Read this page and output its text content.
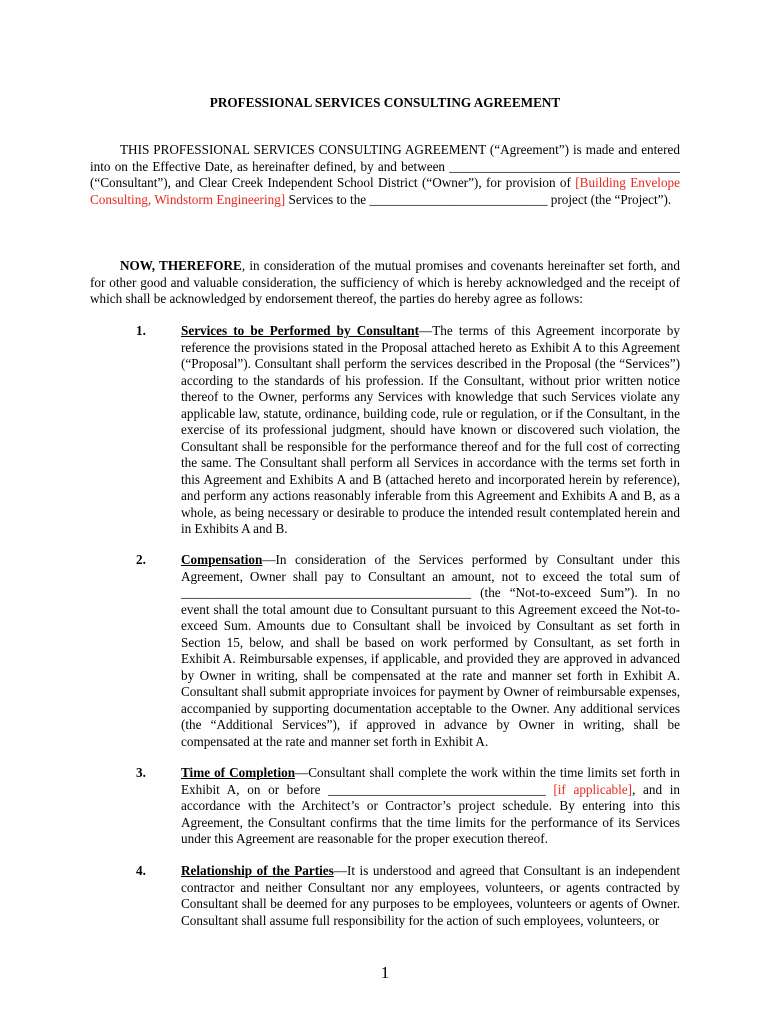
PROFESSIONAL SERVICES CONSULTING AGREEMENT
THIS PROFESSIONAL SERVICES CONSULTING AGREEMENT (“Agreement”) is made and entered into on the Effective Date, as hereinafter defined, by and between ___________________________________ (“Consultant”), and Clear Creek Independent School District (“Owner”), for provision of [Building Envelope Consulting, Windstorm Engineering] Services to the ___________________________ project (the “Project”).
NOW, THEREFORE, in consideration of the mutual promises and covenants hereinafter set forth, and for other good and valuable consideration, the sufficiency of which is hereby acknowledged and the receipt of which shall be acknowledged by endorsement thereof, the parties do hereby agree as follows:
1.	Services to be Performed by Consultant—The terms of this Agreement incorporate by reference the provisions stated in the Proposal attached hereto as Exhibit A to this Agreement (“Proposal”). Consultant shall perform the services described in the Proposal (the “Services”) according to the standards of his profession. If the Consultant, without prior written notice thereof to the Owner, performs any Services with knowledge that such Services violate any applicable law, statute, ordinance, building code, rule or regulation, or if the Consultant, in the exercise of its professional judgment, should have known or discovered such violation, the Consultant shall be responsible for the performance thereof and for the full cost of correcting the same. The Consultant shall perform all Services in accordance with the terms set forth in this Agreement and Exhibits A and B (attached hereto and incorporated herein by reference), and perform any actions reasonably inferable from this Agreement and Exhibits A and B, as a whole, as being necessary or desirable to produce the intended result contemplated herein and in Exhibits A and B.
2.	Compensation—In consideration of the Services performed by Consultant under this Agreement, Owner shall pay to Consultant an amount, not to exceed the total sum of ____________________________________________ (the “Not-to-exceed Sum”). In no event shall the total amount due to Consultant pursuant to this Agreement exceed the Not-to-exceed Sum. Amounts due to Consultant shall be invoiced by Consultant as set forth in Section 15, below, and shall be based on work performed by Consultant, as set forth in Exhibit A. Reimbursable expenses, if applicable, and provided they are approved in advanced by Owner in writing, shall be compensated at the rate and manner set forth in Exhibit A. Consultant shall submit appropriate invoices for payment by Owner of reimbursable expenses, accompanied by supporting documentation acceptable to the Owner. Any additional services (the “Additional Services”), if approved in advance by Owner in writing, shall be compensated at the rate and manner set forth in Exhibit A.
3.	Time of Completion—Consultant shall complete the work within the time limits set forth in Exhibit A, on or before _________________________________ [if applicable], and in accordance with the Architect’s or Contractor’s project schedule. By entering into this Agreement, the Consultant confirms that the time limits for the performance of its Services under this Agreement are reasonable for the proper execution thereof.
4.	Relationship of the Parties—It is understood and agreed that Consultant is an independent contractor and neither Consultant nor any employees, volunteers, or agents contracted by Consultant shall be deemed for any purposes to be employees, volunteers or agents of Owner. Consultant shall assume full responsibility for the action of such employees, volunteers, or
1
